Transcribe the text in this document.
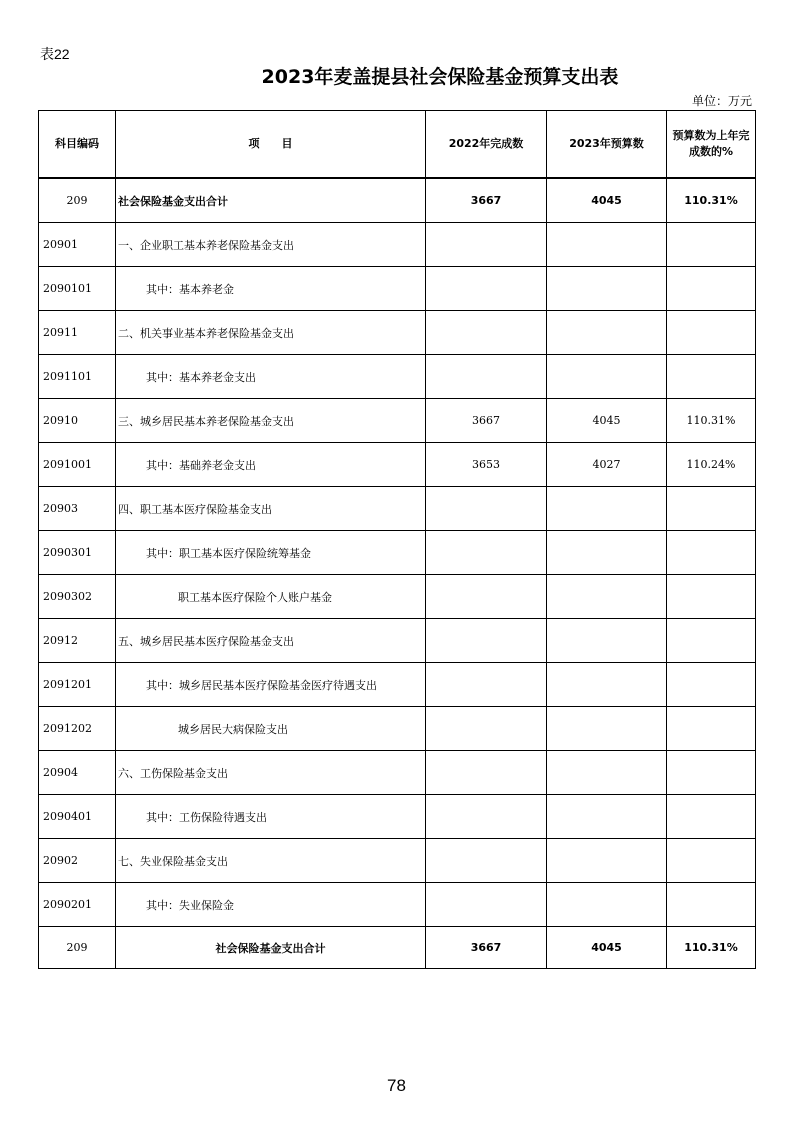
表22
2023年麦盖提县社会保险基金预算支出表
单位：万元
科目编码	项　　目	2022年完成数	2023年预算数	预算数为上年完成数的%
209	社会保险基金支出合计	3667	4045	110.31%
20901	一、企业职工基本养老保险基金支出			
2090101	其中：基本养老金			
20911	二、机关事业基本养老保险基金支出			
2091101	其中：基本养老金支出			
20910	三、城乡居民基本养老保险基金支出	3667	4045	110.31%
2091001	其中：基础养老金支出	3653	4027	110.24%
20903	四、职工基本医疗保险基金支出			
2090301	其中：职工基本医疗保险统筹基金			
2090302	职工基本医疗保险个人账户基金			
20912	五、城乡居民基本医疗保险基金支出			
2091201	其中：城乡居民基本医疗保险基金医疗待遇支出			
2091202	城乡居民大病保险支出			
20904	六、工伤保险基金支出			
2090401	其中：工伤保险待遇支出			
20902	七、失业保险基金支出			
2090201	其中：失业保险金			
209	社会保险基金支出合计	3667	4045	110.31%
78
